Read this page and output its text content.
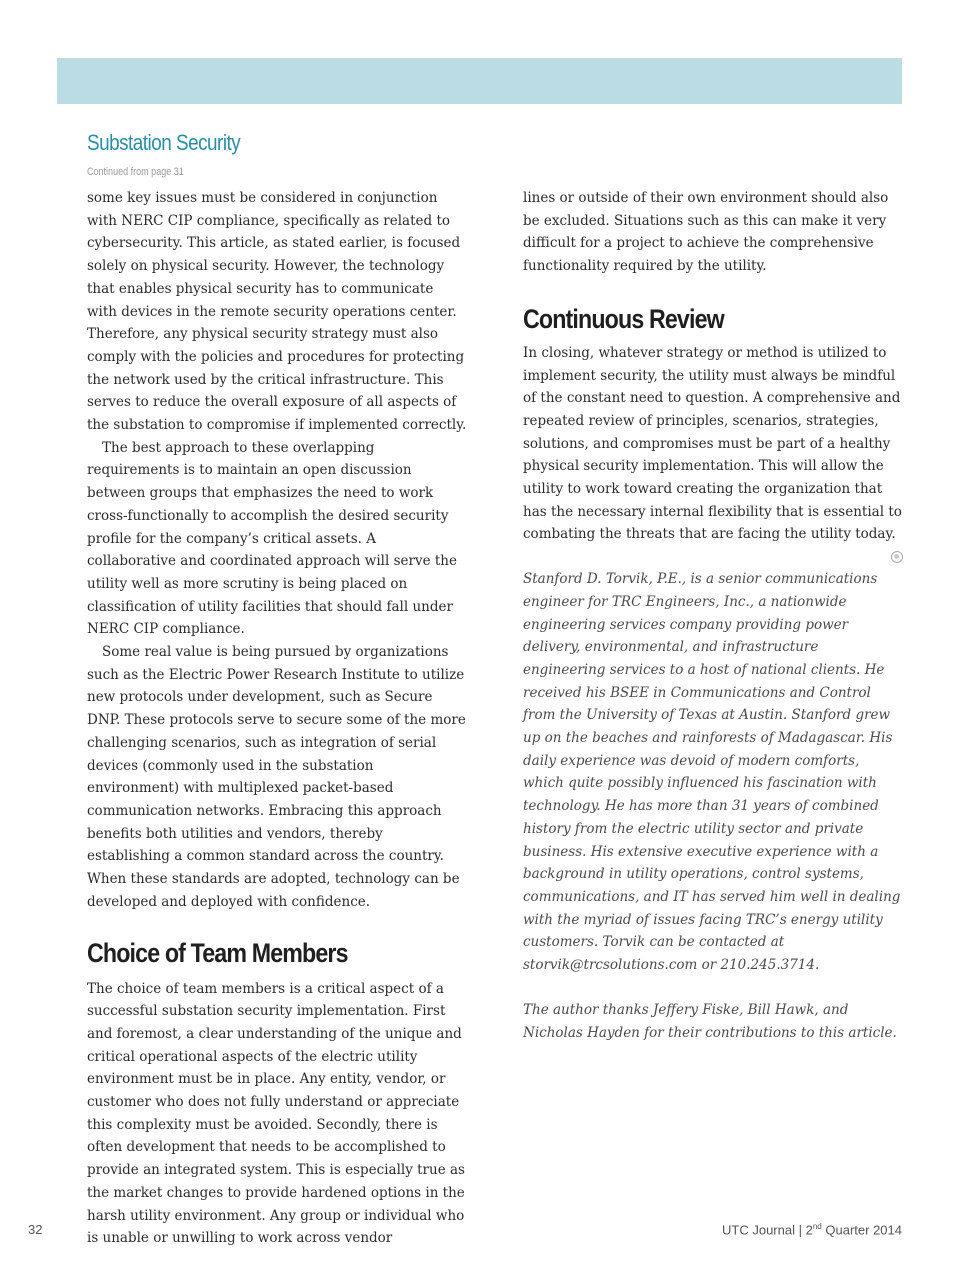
Substation Security
Continued from page 31

some key issues must be considered in conjunction with NERC CIP compliance, specifically as related to cybersecurity. This article, as stated earlier, is focused solely on physical security. However, the technology that enables physical security has to communicate with devices in the remote security operations center. Therefore, any physical security strategy must also comply with the policies and procedures for protecting the network used by the critical infrastructure. This serves to reduce the overall exposure of all aspects of the substation to compromise if implemented correctly.

The best approach to these overlapping requirements is to maintain an open discussion between groups that emphasizes the need to work cross-functionally to accomplish the desired security profile for the company’s critical assets. A collaborative and coordinated approach will serve the utility well as more scrutiny is being placed on classification of utility facilities that should fall under NERC CIP compliance.

Some real value is being pursued by organizations such as the Electric Power Research Institute to utilize new protocols under development, such as Secure DNP. These protocols serve to secure some of the more challenging scenarios, such as integration of serial devices (commonly used in the substation environment) with multiplexed packet-based communication networks. Embracing this approach benefits both utilities and vendors, thereby establishing a common standard across the country. When these standards are adopted, technology can be developed and deployed with confidence.

Choice of Team Members

The choice of team members is a critical aspect of a successful substation security implementation. First and foremost, a clear understanding of the unique and critical operational aspects of the electric utility environment must be in place. Any entity, vendor, or customer who does not fully understand or appreciate this complexity must be avoided. Secondly, there is often development that needs to be accomplished to provide an integrated system. This is especially true as the market changes to provide hardened options in the harsh utility environment. Any group or individual who is unable or unwilling to work across vendor

lines or outside of their own environment should also be excluded. Situations such as this can make it very difficult for a project to achieve the comprehensive functionality required by the utility.

Continuous Review

In closing, whatever strategy or method is utilized to implement security, the utility must always be mindful of the constant need to question. A comprehensive and repeated review of principles, scenarios, strategies, solutions, and compromises must be part of a healthy physical security implementation. This will allow the utility to work toward creating the organization that has the necessary internal flexibility that is essential to combating the threats that are facing the utility today.

Stanford D. Torvik, P.E., is a senior communications engineer for TRC Engineers, Inc., a nationwide engineering services company providing power delivery, environmental, and infrastructure engineering services to a host of national clients. He received his BSEE in Communications and Control from the University of Texas at Austin. Stanford grew up on the beaches and rainforests of Madagascar. His daily experience was devoid of modern comforts, which quite possibly influenced his fascination with technology. He has more than 31 years of combined history from the electric utility sector and private business. His extensive executive experience with a background in utility operations, control systems, communications, and IT has served him well in dealing with the myriad of issues facing TRC’s energy utility customers. Torvik can be contacted at storvik@trcsolutions.com or 210.245.3714.

The author thanks Jeffery Fiske, Bill Hawk, and Nicholas Hayden for their contributions to this article.

32	UTC Journal | 2nd Quarter 2014
